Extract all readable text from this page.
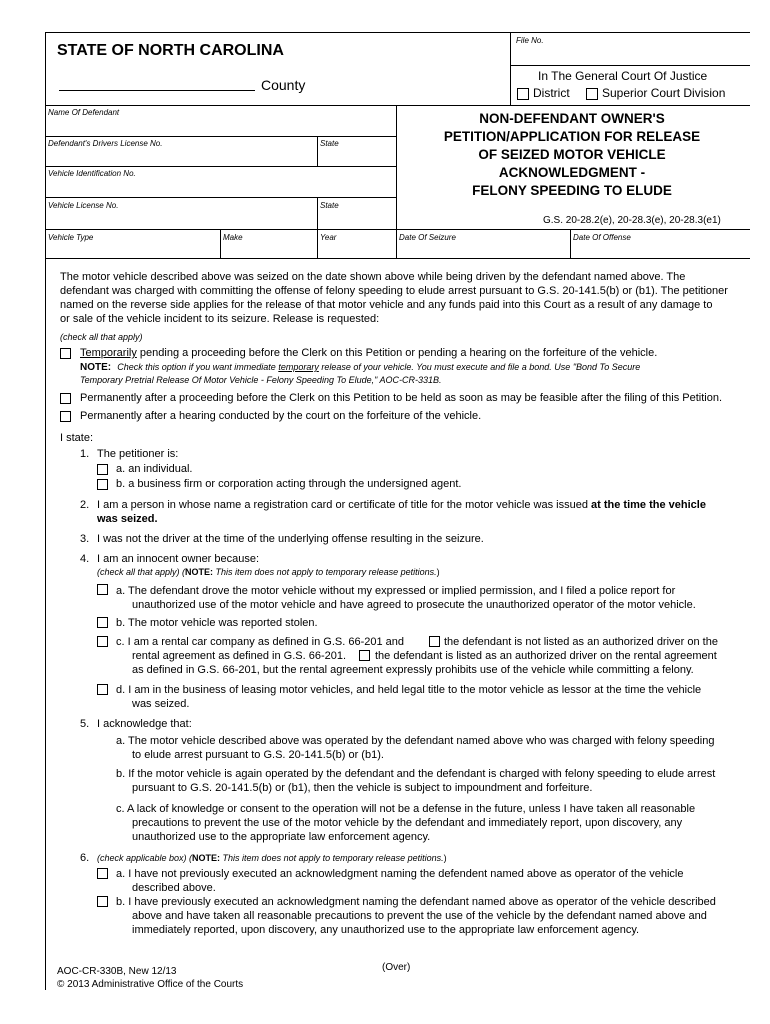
File No.
STATE OF NORTH CAROLINA
County
In The General Court Of Justice
District	Superior Court Division
Name Of Defendant
Defendant's Drivers License No.	State
Vehicle Identification No.
Vehicle License No.	State
Vehicle Type	Make	Year	Date Of Seizure	Date Of Offense
NON-DEFENDANT OWNER'S
PETITION/APPLICATION FOR RELEASE
OF SEIZED MOTOR VEHICLE
ACKNOWLEDGMENT -
FELONY SPEEDING TO ELUDE
G.S. 20-28.2(e), 20-28.3(e), 20-28.3(e1)
The motor vehicle described above was seized on the date shown above while being driven by the defendant named above. The
defendant was charged with committing the offense of felony speeding to elude arrest pursuant to G.S. 20-141.5(b) or (b1). The petitioner
named on the reverse side applies for the release of that motor vehicle and any funds paid into this Court as a result of any damage to
or sale of the vehicle incident to its seizure. Release is requested:
(check all that apply)
Temporarily pending a proceeding before the Clerk on this Petition or pending a hearing on the forfeiture of the vehicle.
NOTE: Check this option if you want immediate temporary release of your vehicle. You must execute and file a bond. Use "Bond To Secure
Temporary Pretrial Release Of Motor Vehicle - Felony Speeding To Elude," AOC-CR-331B.
Permanently after a proceeding before the Clerk on this Petition to be held as soon as may be feasible after the filing of this Petition.
Permanently after a hearing conducted by the court on the forfeiture of the vehicle.
I state:
1. The petitioner is:
a. an individual.
b. a business firm or corporation acting through the undersigned agent.
2. I am a person in whose name a registration card or certificate of title for the motor vehicle was issued at the time the vehicle
was seized.
3. I was not the driver at the time of the underlying offense resulting in the seizure.
4. I am an innocent owner because:
(check all that apply) (NOTE: This item does not apply to temporary release petitions.)
a. The defendant drove the motor vehicle without my expressed or implied permission, and I filed a police report for
unauthorized use of the motor vehicle and have agreed to prosecute the unauthorized operator of the motor vehicle.
b. The motor vehicle was reported stolen.
c. I am a rental car company as defined in G.S. 66-201 and	the defendant is not listed as an authorized driver on the
rental agreement as defined in G.S. 66-201.	the defendant is listed as an authorized driver on the rental agreement
as defined in G.S. 66-201, but the rental agreement expressly prohibits use of the vehicle while committing a felony.
d. I am in the business of leasing motor vehicles, and held legal title to the motor vehicle as lessor at the time the vehicle
was seized.
5. I acknowledge that:
a. The motor vehicle described above was operated by the defendant named above who was charged with felony speeding
to elude arrest pursuant to G.S. 20-141.5(b) or (b1).
b. If the motor vehicle is again operated by the defendant and the defendant is charged with felony speeding to elude arrest
pursuant to G.S. 20-141.5(b) or (b1), then the vehicle is subject to impoundment and forfeiture.
c. A lack of knowledge or consent to the operation will not be a defense in the future, unless I have taken all reasonable
precautions to prevent the use of the motor vehicle by the defendant and immediately report, upon discovery, any
unauthorized use to the appropriate law enforcement agency.
6. (check applicable box) (NOTE: This item does not apply to temporary release petitions.)
a. I have not previously executed an acknowledgment naming the defendent named above as operator of the vehicle
described above.
b. I have previously executed an acknowledgment naming the defendant named above as operator of the vehicle described
above and have taken all reasonable precautions to prevent the use of the vehicle by the defendant named above and
immediately reported, upon discovery, any unauthorized use to the appropriate law enforcement agency.
AOC-CR-330B, New 12/13	(Over)
© 2013 Administrative Office of the Courts
